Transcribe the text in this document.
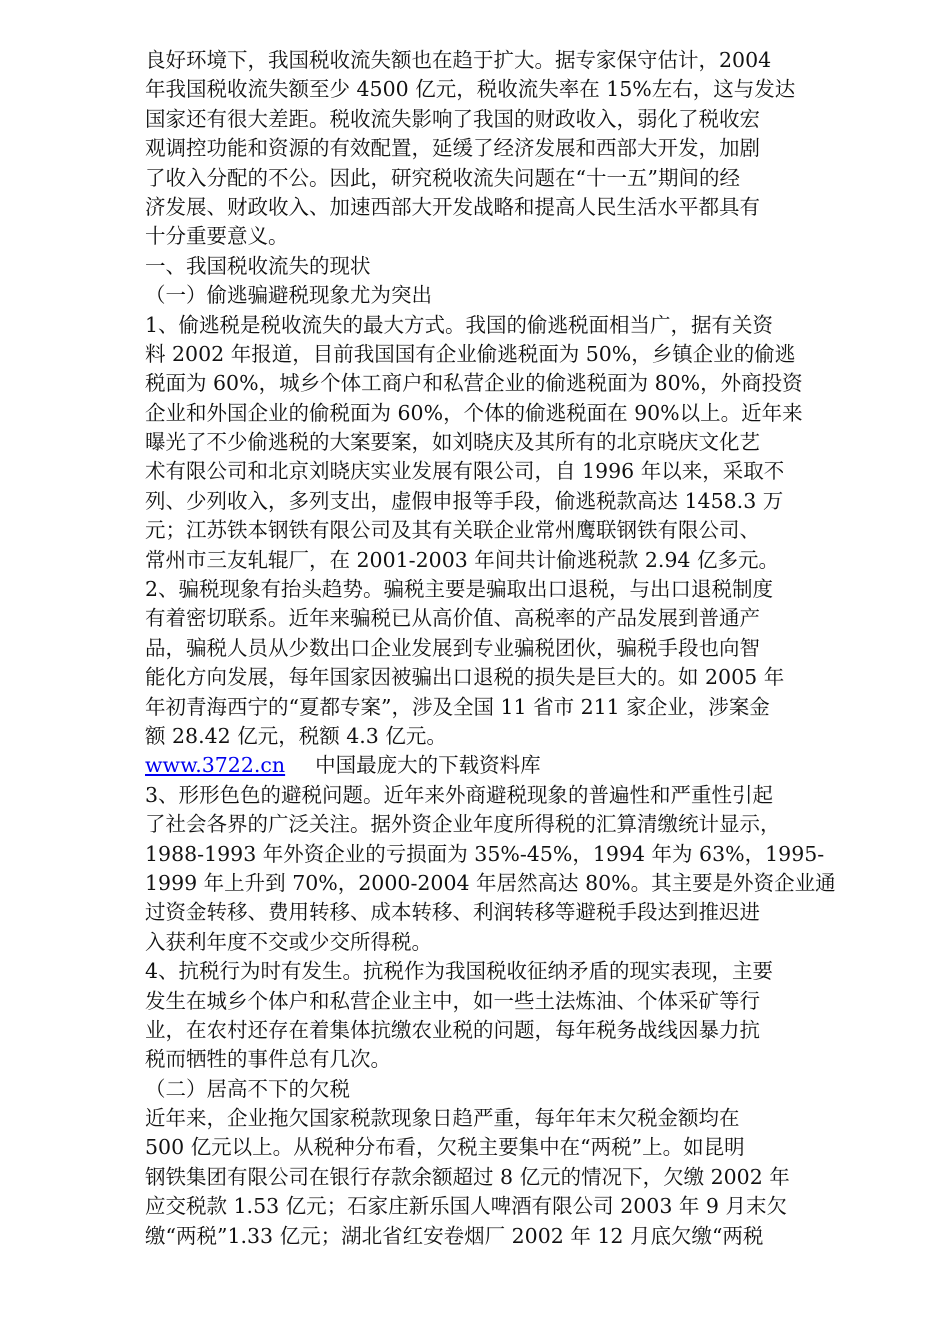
良好环境下，我国税收流失额也在趋于扩大。据专家保守估计，2004
年我国税收流失额至少 4500 亿元，税收流失率在 15%左右，这与发达
国家还有很大差距。税收流失影响了我国的财政收入，弱化了税收宏
观调控功能和资源的有效配置，延缓了经济发展和西部大开发，加剧
了收入分配的不公。因此，研究税收流失问题在“十一五”期间的经
济发展、财政收入、加速西部大开发战略和提高人民生活水平都具有
十分重要意义。
一、我国税收流失的现状
（一）偷逃骗避税现象尤为突出
1、偷逃税是税收流失的最大方式。我国的偷逃税面相当广，据有关资
料 2002 年报道，目前我国国有企业偷逃税面为 50%，乡镇企业的偷逃
税面为 60%，城乡个体工商户和私营企业的偷逃税面为 80%，外商投资
企业和外国企业的偷税面为 60%，个体的偷逃税面在 90%以上。近年来
曝光了不少偷逃税的大案要案，如刘晓庆及其所有的北京晓庆文化艺
术有限公司和北京刘晓庆实业发展有限公司，自 1996 年以来，采取不
列、少列收入，多列支出，虚假申报等手段，偷逃税款高达 1458.3 万
元；江苏铁本钢铁有限公司及其有关联企业常州鹰联钢铁有限公司、
常州市三友轧辊厂，在 2001-2003 年间共计偷逃税款 2.94 亿多元。
2、骗税现象有抬头趋势。骗税主要是骗取出口退税，与出口退税制度
有着密切联系。近年来骗税已从高价值、高税率的产品发展到普通产
品，骗税人员从少数出口企业发展到专业骗税团伙，骗税手段也向智
能化方向发展，每年国家因被骗出口退税的损失是巨大的。如 2005 年
年初青海西宁的“夏都专案”，涉及全国 11 省市 211 家企业，涉案金
额 28.42 亿元，税额 4.3 亿元。
www.3722.cn 中国最庞大的下载资料库
3、形形色色的避税问题。近年来外商避税现象的普遍性和严重性引起
了社会各界的广泛关注。据外资企业年度所得税的汇算清缴统计显示，
1988-1993 年外资企业的亏损面为 35%-45%，1994 年为 63%，1995-
1999 年上升到 70%，2000-2004 年居然高达 80%。其主要是外资企业通
过资金转移、费用转移、成本转移、利润转移等避税手段达到推迟进
入获利年度不交或少交所得税。
4、抗税行为时有发生。抗税作为我国税收征纳矛盾的现实表现，主要
发生在城乡个体户和私营企业主中，如一些土法炼油、个体采矿等行
业，在农村还存在着集体抗缴农业税的问题，每年税务战线因暴力抗
税而牺牲的事件总有几次。
（二）居高不下的欠税
近年来，企业拖欠国家税款现象日趋严重，每年年末欠税金额均在
500 亿元以上。从税种分布看，欠税主要集中在“两税”上。如昆明
钢铁集团有限公司在银行存款余额超过 8 亿元的情况下，欠缴 2002 年
应交税款 1.53 亿元；石家庄新乐国人啤酒有限公司 2003 年 9 月末欠
缴“两税”1.33 亿元；湖北省红安卷烟厂 2002 年 12 月底欠缴“两税
